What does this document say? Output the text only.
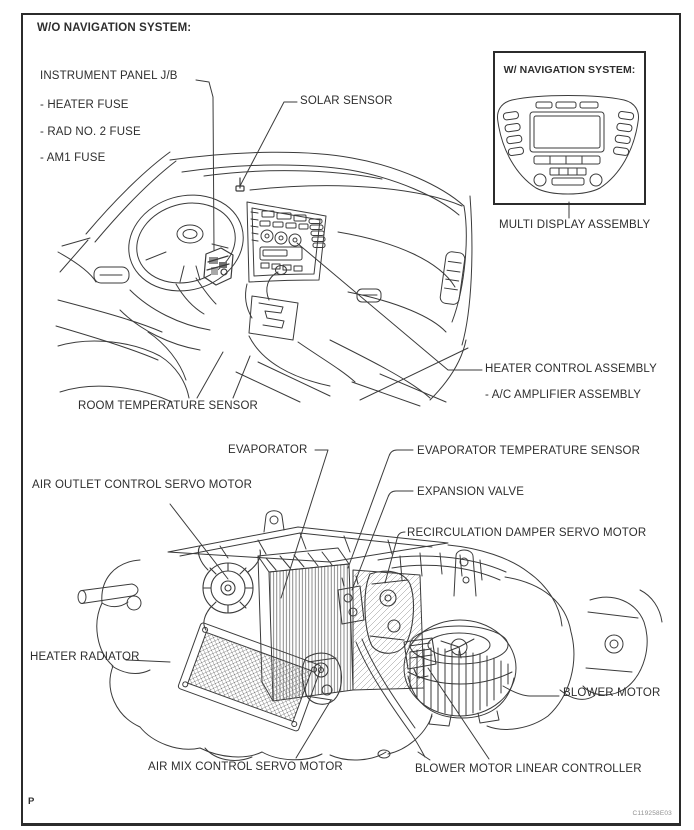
W/O NAVIGATION SYSTEM:
INSTRUMENT PANEL J/B
- HEATER FUSE
- RAD NO. 2 FUSE
- AM1 FUSE
SOLAR SENSOR
W/ NAVIGATION SYSTEM:
MULTI DISPLAY ASSEMBLY
HEATER CONTROL ASSEMBLY
- A/C AMPLIFIER ASSEMBLY
ROOM TEMPERATURE SENSOR
EVAPORATOR	EVAPORATOR TEMPERATURE SENSOR
AIR OUTLET CONTROL SERVO MOTOR
EXPANSION VALVE
RECIRCULATION DAMPER SERVO MOTOR
HEATER RADIATOR
BLOWER MOTOR
AIR MIX CONTROL SERVO MOTOR	BLOWER MOTOR LINEAR CONTROLLER
P
C119258E03
